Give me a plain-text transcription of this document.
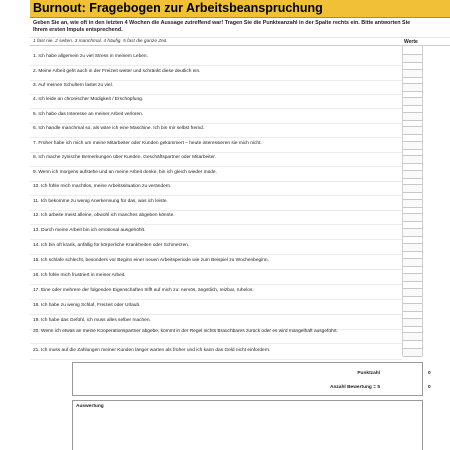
Burnout: Fragebogen zur Arbeitsbeanspruchung
Geben Sie an, wie oft in den letzten 4 Wochen die Aussage zutreffend war! Tragen Sie die Punkteanzahl in der Spalte rechts ein. Bitte antworten Sie Ihrem ersten Impuls entsprechend.
1 fast nie. 2 selten. 3 manchmal. 4 häufig. 5 fast die ganze Zeit.	Werte
1. Ich habe allgemein zu viel Stress in meinem Leben.
2. Meine Arbeit geht auch in der Freizeit weiter und schränkt diese deutlich ein.
3. Auf meinen Schultern lastet zu viel.
4. Ich leide an chronischer Müdigkeit / Erschöpfung.
5. Ich habe das Interesse an meiner Arbeit verloren.
6. Ich handle manchmal so, als wäre ich eine Maschine. Ich bin mir selbst fremd.
7. Früher habe ich mich um meine Mitarbeiter oder Kunden gekümmert – heute interessieren sie mich nicht.
8. Ich mache zynische Bemerkungen über Kunden, Geschäftspartner oder Mitarbeiter.
9. Wenn ich morgens aufstehe und an meine Arbeit denke, bin ich gleich wieder müde.
10. Ich fühle mich machtlos, meine Arbeitssituation zu verändern.
11. Ich bekomme zu wenig Anerkennung für das, was ich leiste.
12. Ich arbeite meist alleine, obwohl ich manches abgeben könnte.
13. Durch meine Arbeit bin ich emotional ausgehöhlt.
14. Ich bin oft krank, anfällig für körperliche Krankheiten oder Schmerzen.
15. Ich schlafe schlecht, besonders vor Beginn einer neuen Arbeitsperiode wie zum Beispiel zu Wochenbeginn.
16. Ich fühle mich frustriert in meiner Arbeit.
17. Eine oder mehrere der folgenden Eigenschaften trifft auf mich zu: nervös, ängstlich, reizbar, ruhelos.
18. Ich habe zu wenig Schlaf, Freizeit oder Urlaub.
19. Ich habe das Gefühl, ich muss alles selber machen.
20. Wenn ich etwas an meine Kooperationspartner abgebe, kommt in der Regel nichts Brauchbares zurück oder es wird mangelhaft ausgeführt.
21. Ich muss auf die Zahlungen meiner Kunden länger warten als früher und ich kann das Geld nicht einfordern.
Punktzahl	0
Anzahl Bewertung = 5	0
Auswertung
